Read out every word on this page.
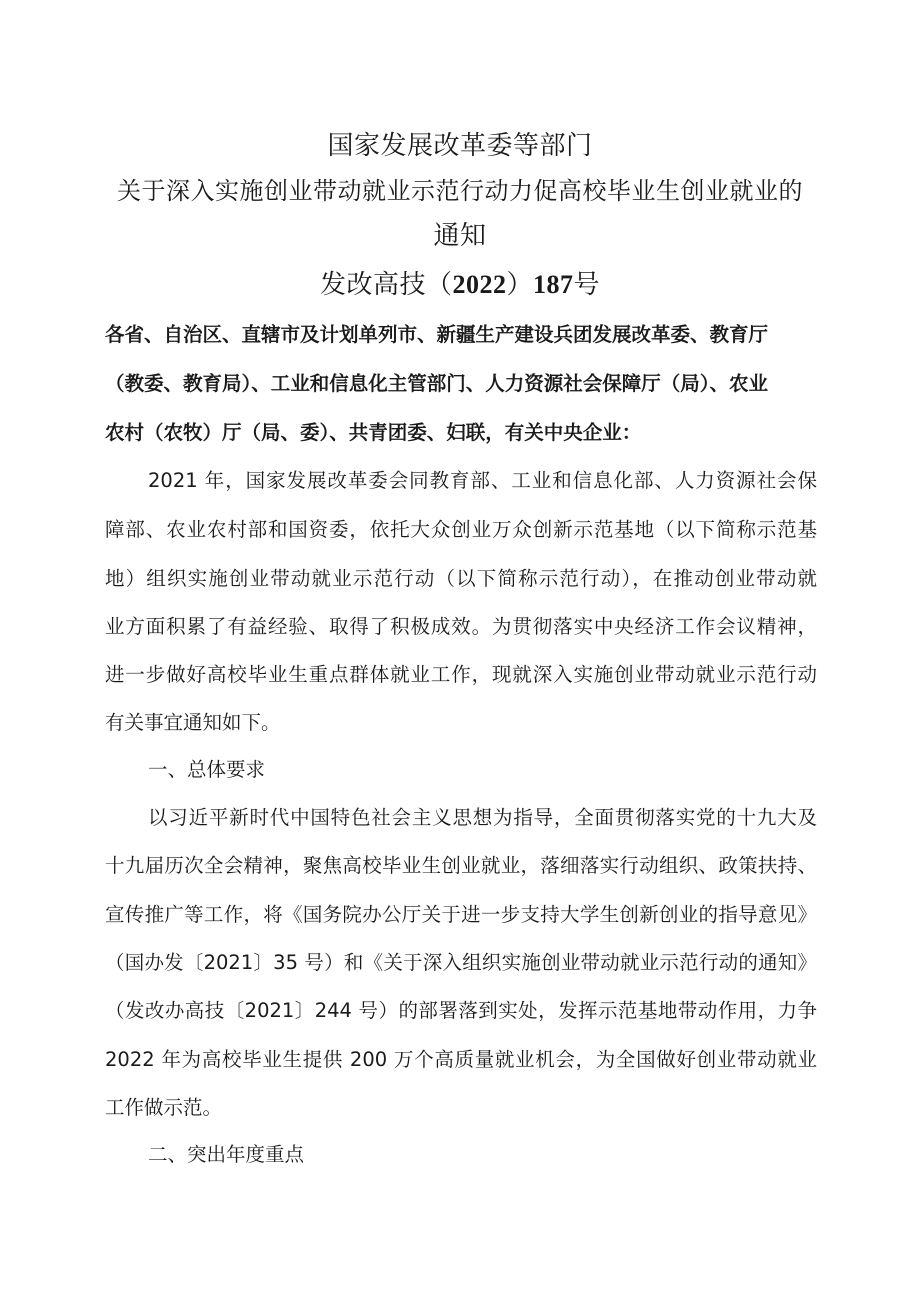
国家发展改革委等部门
关于深入实施创业带动就业示范行动力促高校毕业生创业就业的
通知
发改高技（2022）187号
各省、自治区、直辖市及计划单列市、新疆生产建设兵团发展改革委、教育厅
（教委、教育局）、工业和信息化主管部门、人力资源社会保障厅（局）、农业
农村（农牧）厅（局、委）、共青团委、妇联，有关中央企业：
2021 年，国家发展改革委会同教育部、工业和信息化部、人力资源社会保
障部、农业农村部和国资委，依托大众创业万众创新示范基地（以下简称示范基
地）组织实施创业带动就业示范行动（以下简称示范行动），在推动创业带动就
业方面积累了有益经验、取得了积极成效。为贯彻落实中央经济工作会议精神，
进一步做好高校毕业生重点群体就业工作，现就深入实施创业带动就业示范行动
有关事宜通知如下。
一、总体要求
以习近平新时代中国特色社会主义思想为指导，全面贯彻落实党的十九大及
十九届历次全会精神，聚焦高校毕业生创业就业，落细落实行动组织、政策扶持、
宣传推广等工作，将《国务院办公厅关于进一步支持大学生创新创业的指导意见》
（国办发〔2021〕35 号）和《关于深入组织实施创业带动就业示范行动的通知》
（发改办高技〔2021〕244 号）的部署落到实处，发挥示范基地带动作用，力争
2022 年为高校毕业生提供 200 万个高质量就业机会，为全国做好创业带动就业
工作做示范。
二、突出年度重点
